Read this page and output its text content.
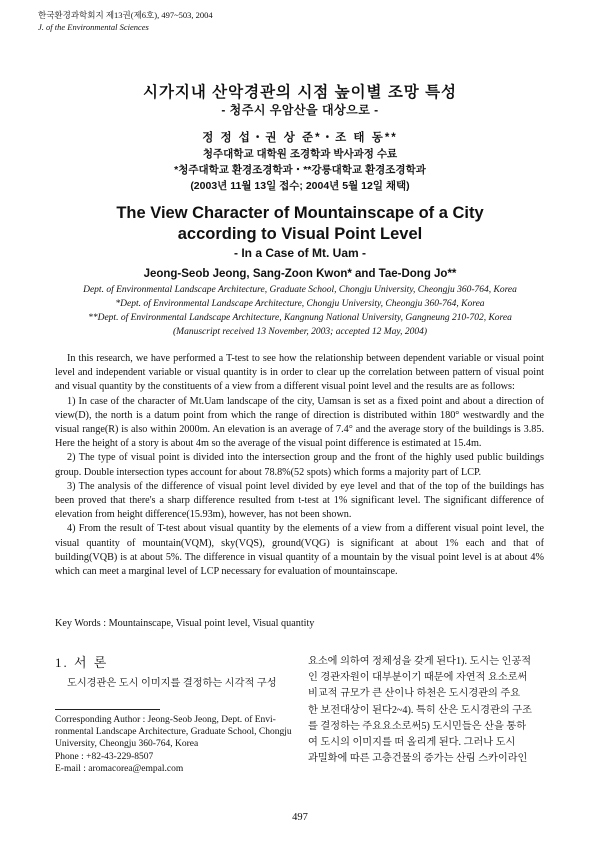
한국환경과학회지 제13권(제6호), 497~503, 2004
J. of the Environmental Sciences
시가지내 산악경관의 시점 높이별 조망 특성
- 청주시 우암산을 대상으로 -
정 정 섭・권 상 준*・조 태 동**
청주대학교 대학원 조경학과 박사과정 수료
*청주대학교 환경조경학과・**강릉대학교 환경조경학과
(2003년 11월 13일 접수; 2004년 5월 12일 채택)
The View Character of Mountainscape of a City
according to Visual Point Level
- In a Case of Mt. Uam -
Jeong-Seob Jeong, Sang-Zoon Kwon* and Tae-Dong Jo**
Dept. of Environmental Landscape Architecture, Graduate School, Chongju University, Cheongju 360-764, Korea
*Dept. of Environmental Landscape Architecture, Chongju University, Cheongju 360-764, Korea
**Dept. of Environmental Landscape Architecture, Kangnung National University, Gangneung 210-702, Korea
(Manuscript received 13 November, 2003; accepted 12 May, 2004)

In this research, we have performed a T-test to see how the relationship between dependent variable or visual point level and independent variable or visual quantity is in order to clear up the correlation between pattern of visual point and visual quantity by the constituents of a view from a different visual point level and the results are as follows:

1) In case of the character of Mt.Uam landscape of the city, Uamsan is set as a fixed point and about a direction of view(D), the north is a datum point from which the range of direction is distributed within 180° westwardly and the visual range(R) is also within 2000m. An elevation is an average of 7.4° and the average story of the buildings is 3.85. Here the height of a story is about 4m so the average of the visual point difference is estimated at 15.4m.

2) The type of visual point is divided into the intersection group and the front of the highly used public buildings group. Double intersection types account for about 78.8%(52 spots) which forms a majority part of LCP.

3) The analysis of the difference of visual point level divided by eye level and that of the top of the buildings has been proved that there's a sharp difference resulted from t-test at 1% significant level. The significant difference of elevation from height difference(15.93m), however, has not been shown.

4) From the result of T-test about visual quantity by the elements of a view from a different visual point level, the visual quantity of mountain(VQM), sky(VQS), ground(VQG) is significant at about 1% each and that of building(VQB) is at about 5%. The difference in visual quantity of a mountain by the visual point level is at about 4% which can meet a marginal level of LCP necessary for evaluation of mountainscape.

Key Words : Mountainscape, Visual point level, Visual quantity
1. 서 론
도시경관은 도시 이미지를 결정하는 시각적 구성
Corresponding Author : Jeong-Seob Jeong, Dept. of Envi-
ronmental Landscape Architecture, Graduate School, Chongju
University, Cheongju 360-764, Korea
Phone : +82-43-229-8507
E-mail : aromacorea@empal.com
요소에 의하여 정체성을 갖게 된다1). 도시는 인공적
인 경관자원이 대부분이기 때문에 자연적 요소로써
비교적 규모가 큰 산이나 하천은 도시경관의 주요
한 보전대상이 된다2~4). 특히 산은 도시경관의 구조
를 결정하는 주요요소로써5) 도시민들은 산을 통하
여 도시의 이미지를 떠 올리게 된다. 그러나 도시
과밀화에 따른 고층건물의 증가는 산림 스카이라인
497
